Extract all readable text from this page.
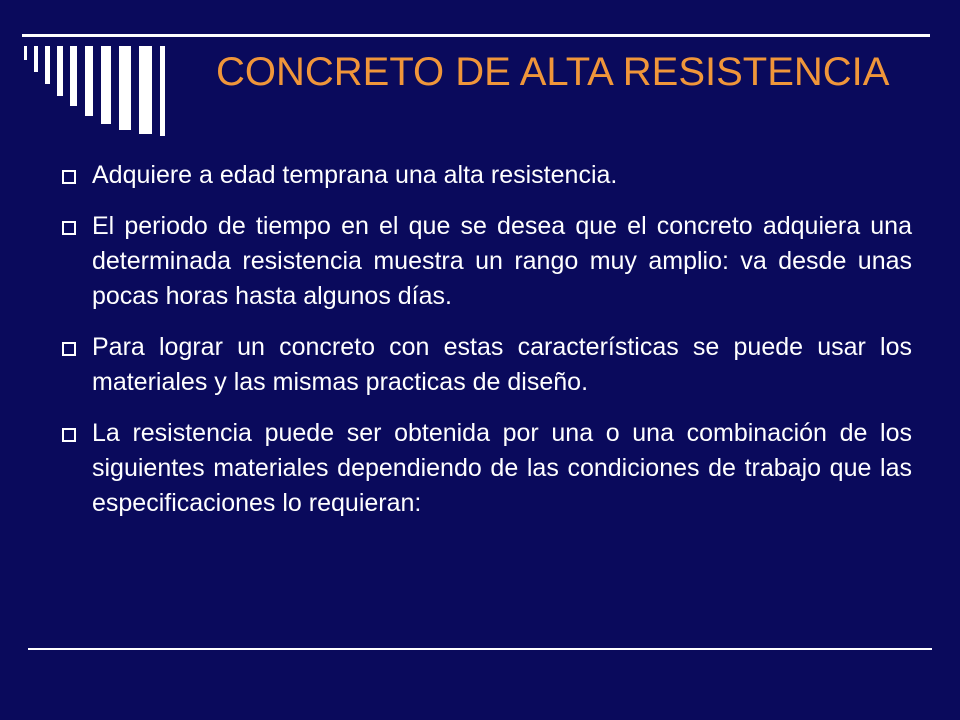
CONCRETO DE ALTA RESISTENCIA
Adquiere a edad temprana una alta resistencia.
El periodo de tiempo en el que se desea que el concreto adquiera una determinada resistencia muestra un rango muy amplio: va desde unas pocas horas hasta algunos días.
Para lograr un concreto con estas características se puede usar los materiales y las mismas practicas de diseño.
La resistencia puede ser obtenida por una o una combinación de los siguientes materiales dependiendo de las condiciones de trabajo que las especificaciones lo requieran:
